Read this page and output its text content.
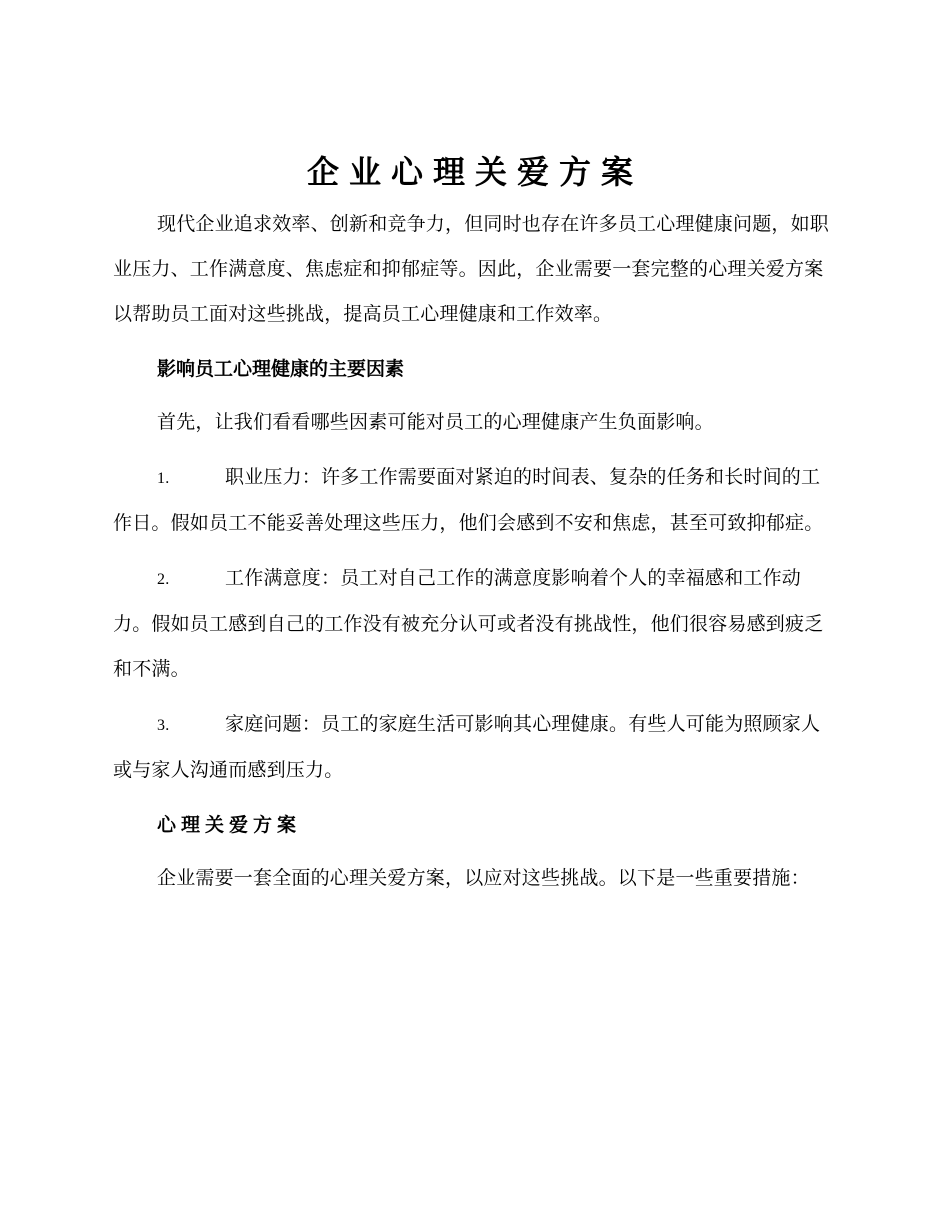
企业心理关爱方案

现代企业追求效率、创新和竞争力，但同时也存在许多员工心理健康问题，如职业压力、工作满意度、焦虑症和抑郁症等。因此，企业需要一套完整的心理关爱方案以帮助员工面对这些挑战，提高员工心理健康和工作效率。

影响员工心理健康的主要因素

首先，让我们看看哪些因素可能对员工的心理健康产生负面影响。

1.	职业压力：许多工作需要面对紧迫的时间表、复杂的任务和长时间的工作日。假如员工不能妥善处理这些压力，他们会感到不安和焦虑，甚至可致抑郁症。

2.	工作满意度：员工对自己工作的满意度影响着个人的幸福感和工作动力。假如员工感到自己的工作没有被充分认可或者没有挑战性，他们很容易感到疲乏和不满。

3.	家庭问题：员工的家庭生活可影响其心理健康。有些人可能为照顾家人或与家人沟通而感到压力。

心理关爱方案

企业需要一套全面的心理关爱方案，以应对这些挑战。以下是一些重要措施：
